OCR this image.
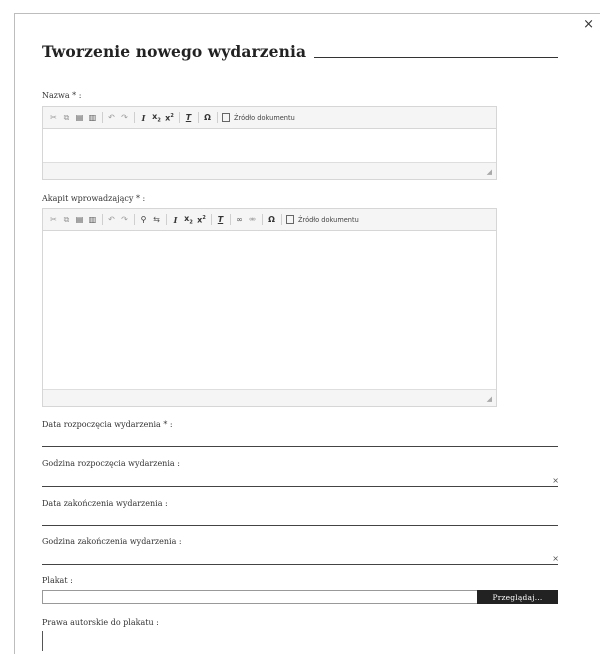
×
Tworzenie nowego wydarzenia
Nazwa * :
✂ ⧉ ▤ ▥ ↶ ↷	I $x_2$ $x^2$ T Ω	Źródło dokumentu
◢
Akapit wprowadzający * :
✂ ⧉ ▤ ▥ ↶ ↷ ⚲ ⇆	I $x_2$ $x^2$ T ∞ ⚮ Ω	Źródło dokumentu
◢
Data rozpoczęcia wydarzenia * :
Godzina rozpoczęcia wydarzenia :
×
Data zakończenia wydarzenia :
Godzina zakończenia wydarzenia :
×
Plakat :
Przeglądaj...
Prawa autorskie do plakatu :
